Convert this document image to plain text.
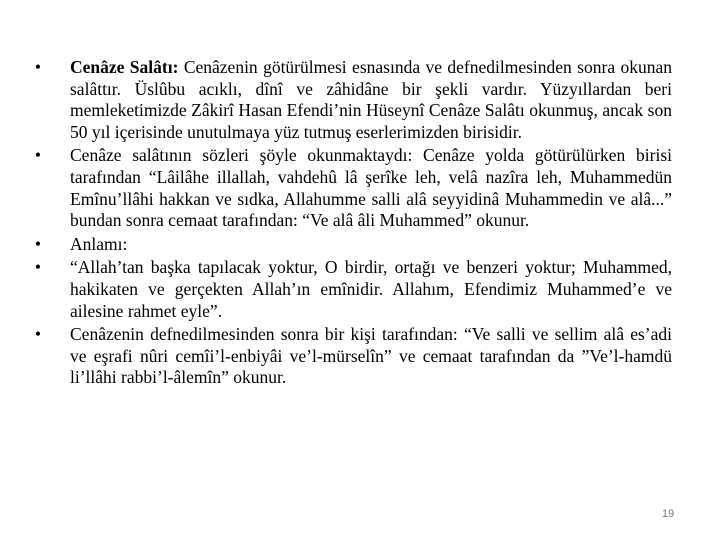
•	Cenâze Salâtı: Cenâzenin götürülmesi esnasında ve defnedilmesinden sonra okunan salâttır. Üslûbu acıklı, dînî ve zâhidâne bir şekli vardır. Yüzyıllardan beri memleketimizde Zâkirî Hasan Efendi’nin Hüseynî Cenâze Salâtı okunmuş, ancak son 50 yıl içerisinde unutulmaya yüz tutmuş eserlerimizden birisidir.
•	Cenâze salâtının sözleri şöyle okunmaktaydı: Cenâze yolda götürülürken birisi tarafından “Lâilâhe illallah, vahdehû lâ şerîke leh, velâ nazîra leh, Muhammedün Emînu’llâhi hakkan ve sıdka, Allahumme salli alâ seyyidinâ Muhammedin ve alâ...” bundan sonra cemaat tarafından: “Ve alâ âli Muhammed” okunur.
•	Anlamı:
•	“Allah’tan başka tapılacak yoktur, O birdir, ortağı ve benzeri yoktur; Muhammed, hakikaten ve gerçekten Allah’ın emînidir. Allahım, Efendimiz Muhammed’e ve ailesine rahmet eyle”.
•	Cenâzenin defnedilmesinden sonra bir kişi tarafından: “Ve salli ve sellim alâ es’adi ve eşrafi nûri cemîi’l-enbiyâi ve’l-mürselîn” ve cemaat tarafından da ”Ve’l-hamdü li’llâhi rabbi’l-âlemîn” okunur.
19
